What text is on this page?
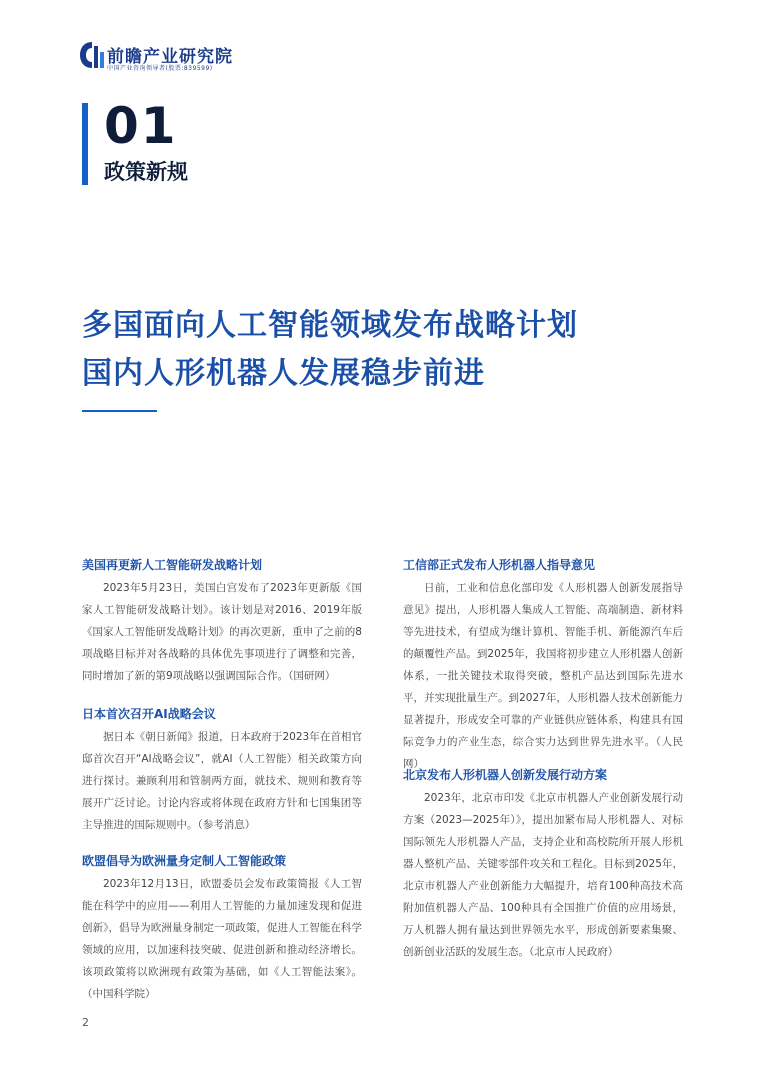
前瞻产业研究院
中国产业咨询领导者(股票:839599)
01
政策新规
多国面向人工智能领域发布战略计划
国内人形机器人发展稳步前进

美国再更新人工智能研发战略计划

2023年5月23日，美国白宫发布了2023年更新版《国家人工智能研发战略计划》。该计划是对2016、2019年版《国家人工智能研发战略计划》的再次更新，重申了之前的8项战略目标并对各战略的具体优先事项进行了调整和完善，同时增加了新的第9项战略以强调国际合作。（国研网）

日本首次召开AI战略会议

据日本《朝日新闻》报道，日本政府于2023年在首相官邸首次召开“AI战略会议”，就AI（人工智能）相关政策方向进行探讨。兼顾利用和管制两方面，就技术、规则和教育等展开广泛讨论。讨论内容或将体现在政府方针和七国集团等主导推进的国际规则中。（参考消息）

欧盟倡导为欧洲量身定制人工智能政策

2023年12月13日，欧盟委员会发布政策简报《人工智能在科学中的应用——利用人工智能的力量加速发现和促进创新》，倡导为欧洲量身制定一项政策，促进人工智能在科学领域的应用，以加速科技突破、促进创新和推动经济增长。该项政策将以欧洲现有政策为基础，如《人工智能法案》。（中国科学院）

工信部正式发布人形机器人指导意见

日前，工业和信息化部印发《人形机器人创新发展指导意见》提出，人形机器人集成人工智能、高端制造、新材料等先进技术，有望成为继计算机、智能手机、新能源汽车后的颠覆性产品。到2025年，我国将初步建立人形机器人创新体系，一批关键技术取得突破，整机产品达到国际先进水平，并实现批量生产。到2027年，人形机器人技术创新能力显著提升，形成安全可靠的产业链供应链体系，构建具有国际竞争力的产业生态，综合实力达到世界先进水平。（人民网）

北京发布人形机器人创新发展行动方案

2023年，北京市印发《北京市机器人产业创新发展行动方案（2023—2025年）》，提出加紧布局人形机器人、对标国际领先人形机器人产品，支持企业和高校院所开展人形机器人整机产品、关键零部件攻关和工程化。目标到2025年，北京市机器人产业创新能力大幅提升，培育100种高技术高附加值机器人产品、100种具有全国推广价值的应用场景，万人机器人拥有量达到世界领先水平，形成创新要素集聚、创新创业活跃的发展生态。（北京市人民政府）

2
